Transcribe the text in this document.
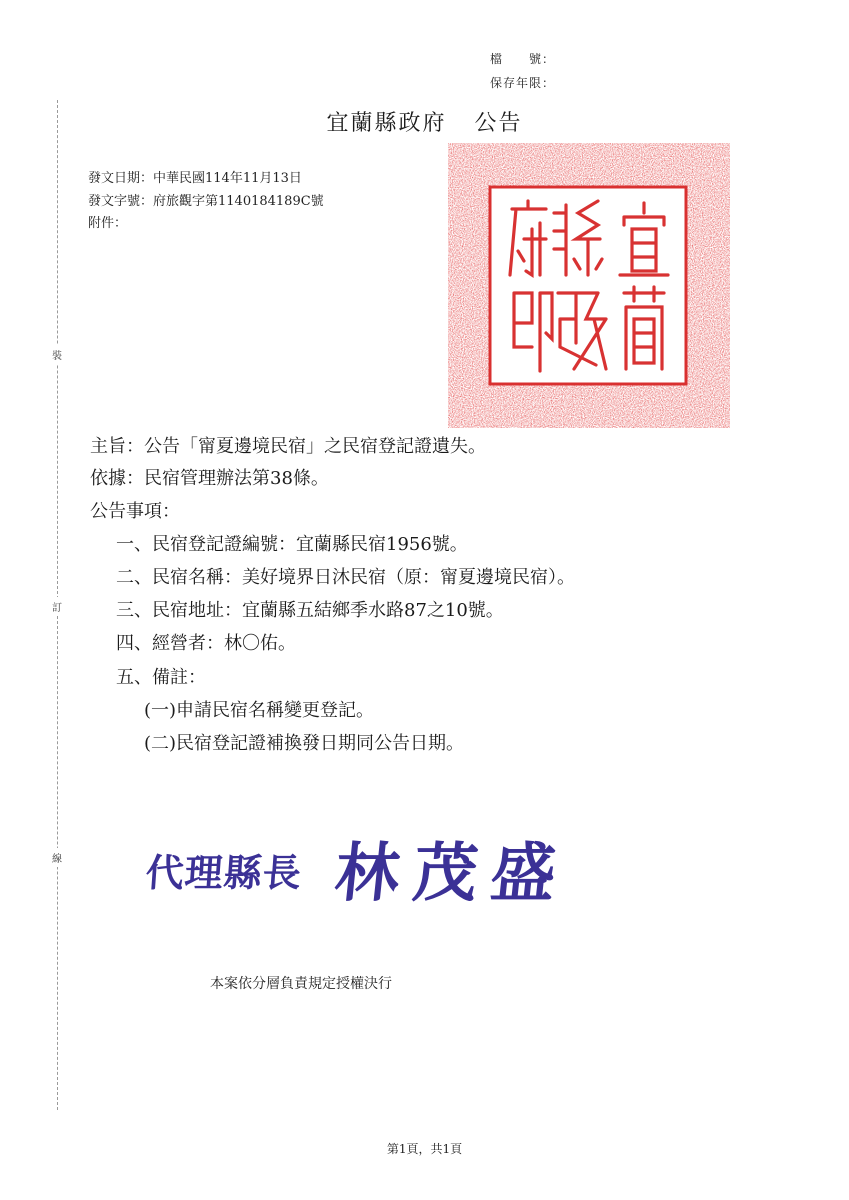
檔　　號：
保存年限：
宜蘭縣政府 公告
發文日期：中華民國114年11月13日
發文字號：府旅觀字第1140184189C號
附件：
裝
訂
線
主旨：公告「甯夏邊境民宿」之民宿登記證遺失。
依據：民宿管理辦法第38條。
公告事項：
一、民宿登記證編號：宜蘭縣民宿1956號。
二、民宿名稱：美好境界日沐民宿（原：甯夏邊境民宿）。
三、民宿地址：宜蘭縣五結鄉季水路87之10號。
四、經營者：林〇佑。
五、備註：
(一)申請民宿名稱變更登記。
(二)民宿登記證補換發日期同公告日期。
代理縣長 林茂盛
本案依分層負責規定授權決行
第1頁，共1頁
